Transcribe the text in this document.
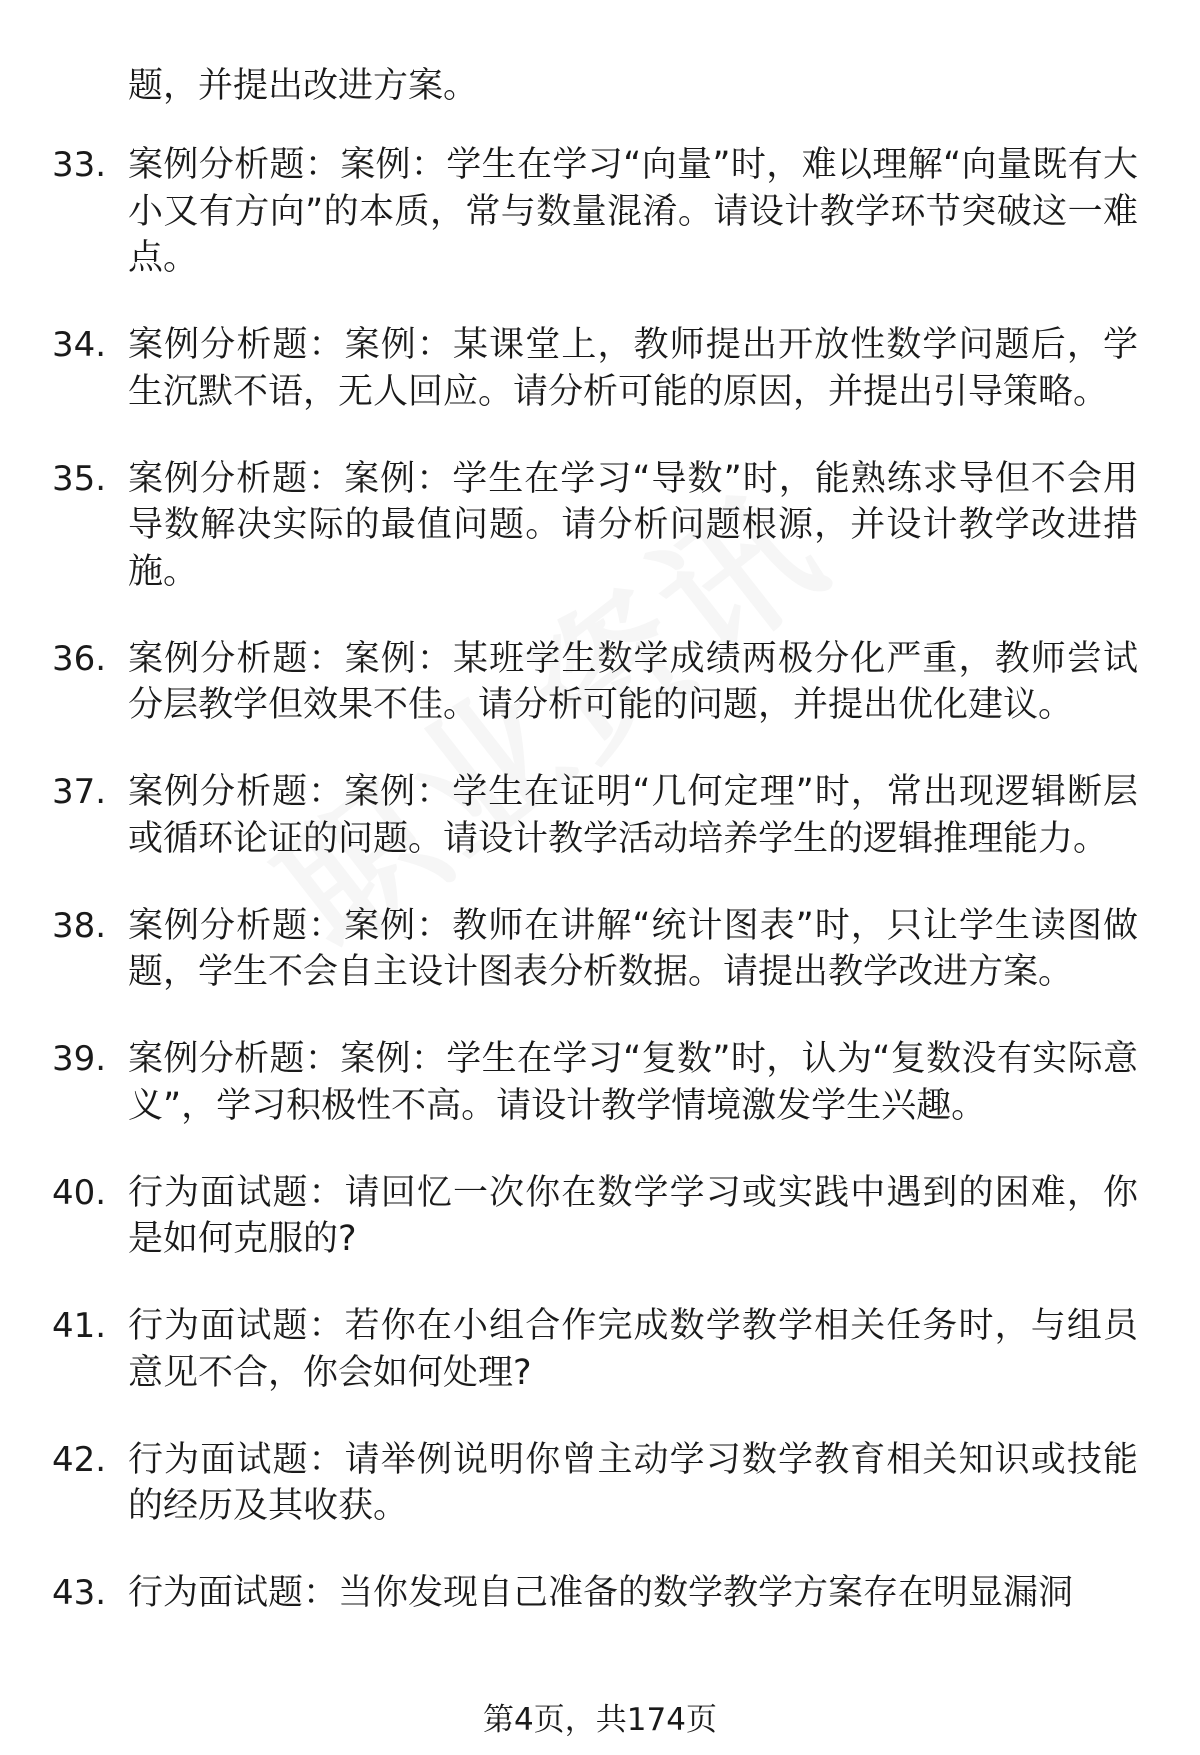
题，并提出改进方案。
33. 案例分析题：案例：学生在学习“向量”时，难以理解“向量既有大小又有方向”的本质，常与数量混淆。请设计教学环节突破这一难点。
34. 案例分析题：案例：某课堂上，教师提出开放性数学问题后，学生沉默不语，无人回应。请分析可能的原因，并提出引导策略。
35. 案例分析题：案例：学生在学习“导数”时，能熟练求导但不会用导数解决实际的最值问题。请分析问题根源，并设计教学改进措施。
36. 案例分析题：案例：某班学生数学成绩两极分化严重，教师尝试分层教学但效果不佳。请分析可能的问题，并提出优化建议。
37. 案例分析题：案例：学生在证明“几何定理”时，常出现逻辑断层或循环论证的问题。请设计教学活动培养学生的逻辑推理能力。
38. 案例分析题：案例：教师在讲解“统计图表”时，只让学生读图做题，学生不会自主设计图表分析数据。请提出教学改进方案。
39. 案例分析题：案例：学生在学习“复数”时，认为“复数没有实际意义”，学习积极性不高。请设计教学情境激发学生兴趣。
40. 行为面试题：请回忆一次你在数学学习或实践中遇到的困难，你是如何克服的?
41. 行为面试题：若你在小组合作完成数学教学相关任务时，与组员意见不合，你会如何处理?
42. 行为面试题：请举例说明你曾主动学习数学教育相关知识或技能的经历及其收获。
43. 行为面试题：当你发现自己准备的数学教学方案存在明显漏洞
第4页，共174页
